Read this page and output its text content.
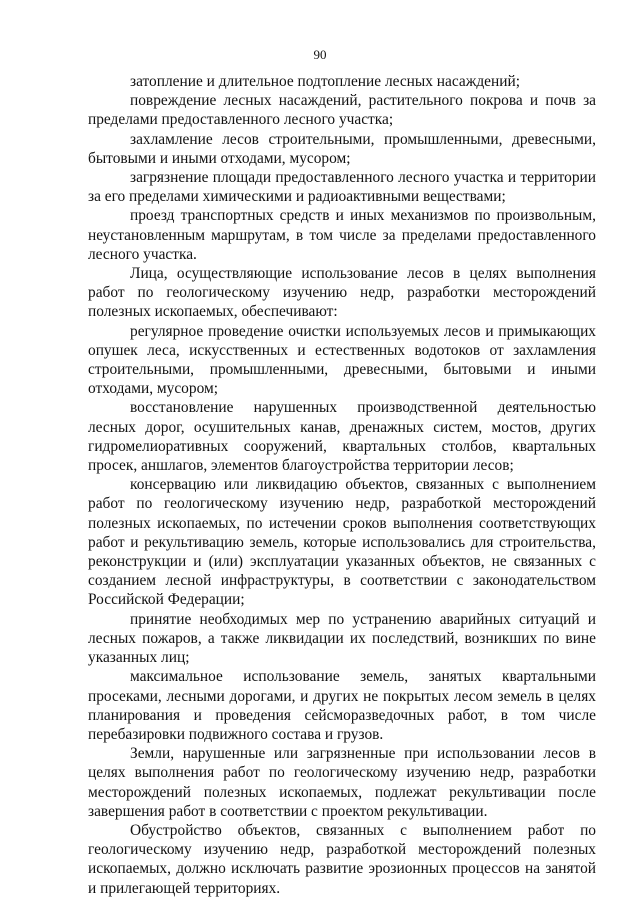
90

затопление и длительное подтопление лесных насаждений;

повреждение лесных насаждений, растительного покрова и почв за пределами предоставленного лесного участка;

захламление лесов строительными, промышленными, древесными, бытовыми и иными отходами, мусором;

загрязнение площади предоставленного лесного участка и территории за его пределами химическими и радиоактивными веществами;

проезд транспортных средств и иных механизмов по произвольным, неустановленным маршрутам, в том числе за пределами предоставленного лесного участка.

Лица, осуществляющие использование лесов в целях выполнения работ по геологическому изучению недр, разработки месторождений полезных ископаемых, обеспечивают:

регулярное проведение очистки используемых лесов и примыкающих опушек леса, искусственных и естественных водотоков от захламления строительными, промышленными, древесными, бытовыми и иными отходами, мусором;

восстановление нарушенных производственной деятельностью лесных дорог, осушительных канав, дренажных систем, мостов, других гидромелиоративных сооружений, квартальных столбов, квартальных просек, аншлагов, элементов благоустройства территории лесов;

консервацию или ликвидацию объектов, связанных с выполнением работ по геологическому изучению недр, разработкой месторождений полезных ископаемых, по истечении сроков выполнения соответствующих работ и рекультивацию земель, которые использовались для строительства, реконструкции и (или) эксплуатации указанных объектов, не связанных с созданием лесной инфраструктуры, в соответствии с законодательством Российской Федерации;

принятие необходимых мер по устранению аварийных ситуаций и лесных пожаров, а также ликвидации их последствий, возникших по вине указанных лиц;

максимальное использование земель, занятых квартальными просеками, лесными дорогами, и других не покрытых лесом земель в целях планирования и проведения сейсморазведочных работ, в том числе перебазировки подвижного состава и грузов.

Земли, нарушенные или загрязненные при использовании лесов в целях выполнения работ по геологическому изучению недр, разработки месторождений полезных ископаемых, подлежат рекультивации после завершения работ в соответствии с проектом рекультивации.

Обустройство объектов, связанных с выполнением работ по геологическому изучению недр, разработкой месторождений полезных ископаемых, должно исключать развитие эрозионных процессов на занятой и прилегающей территориях.
